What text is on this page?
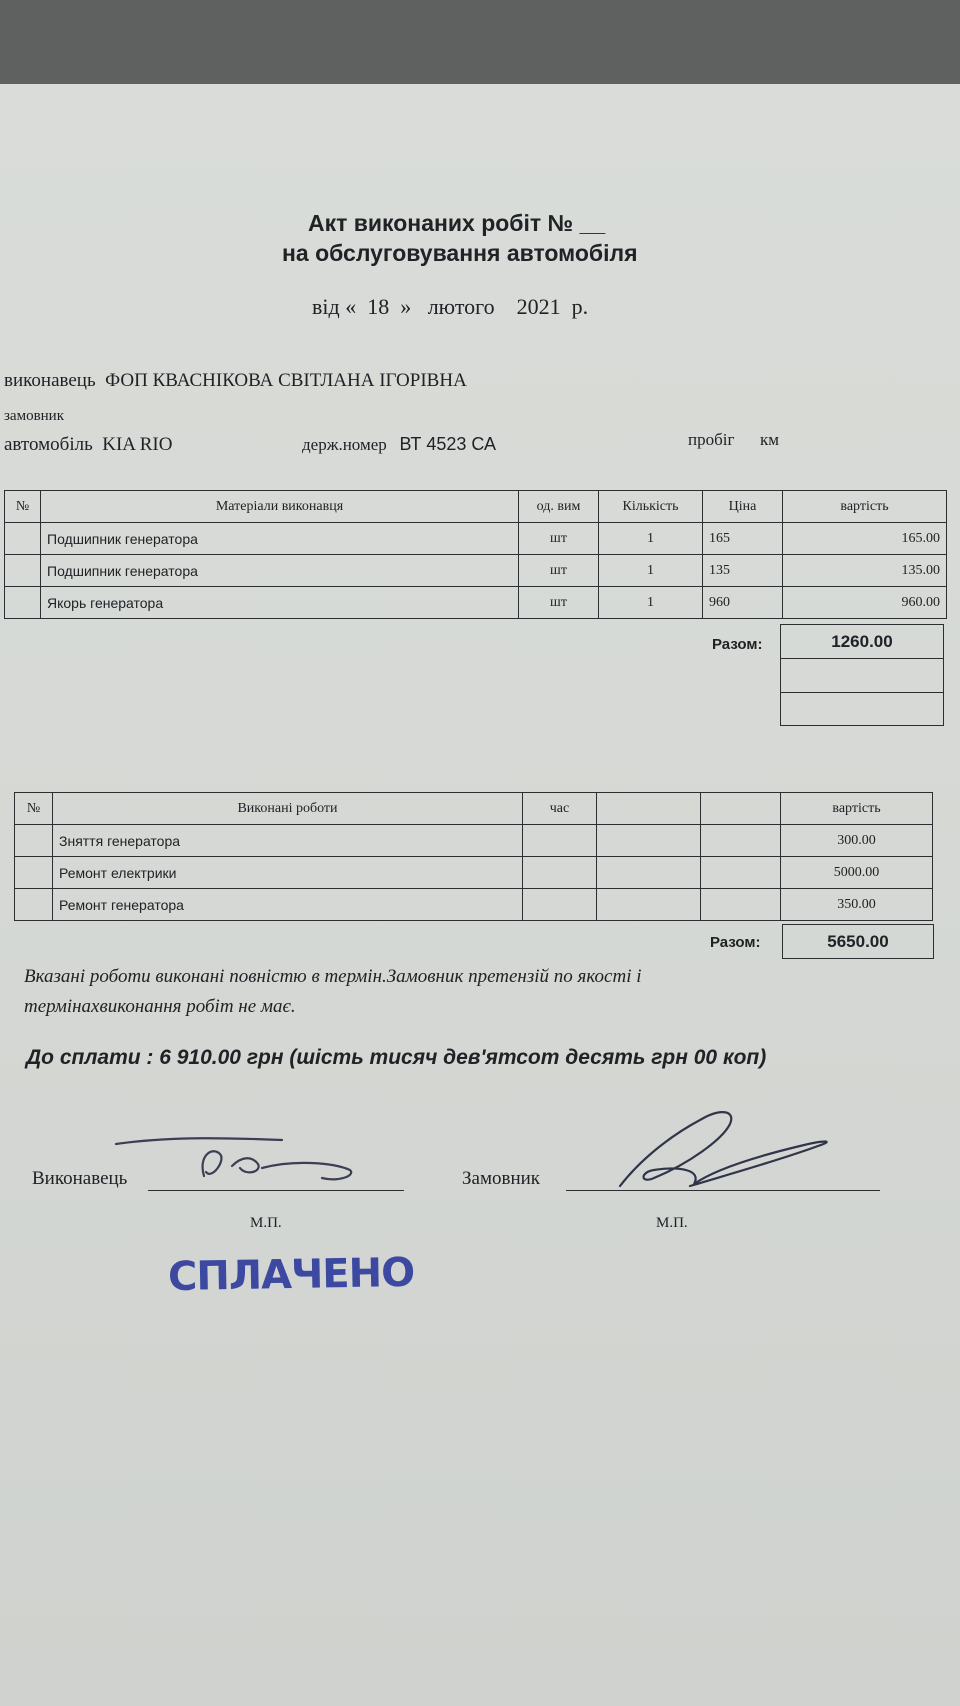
Акт виконаних робіт № __
на обслуговування автомобіля
від « 18 » лютого 2021 р.
виконавець ФОП КВАСНІКОВА СВІТЛАНА ІГОРІВНА
замовник
автомобіль KIA RIO	держ.номер ВТ 4523 СА	пробіг км
№	Матеріали виконавця	од. вим	Кількість	Ціна	вартість
	Подшипник генератора	шт	1	165	165.00
	Подшипник генератора	шт	1	135	135.00
	Якорь генератора	шт	1	960	960.00
Разом:	1260.00
№	Виконані роботи	час			вартість
	Зняття генератора				300.00
	Ремонт електрики				5000.00
	Ремонт генератора				350.00
Разом:	5650.00
Вказані роботи виконані повністю в термін.Замовник претензій по якості і
термінахвиконання робіт не має.
До сплати : 6 910.00 грн (шість тисяч дев'ятсот десять грн 00 коп)
Виконавець
М.П.
Замовник
М.П.
СПЛАЧЕНО
